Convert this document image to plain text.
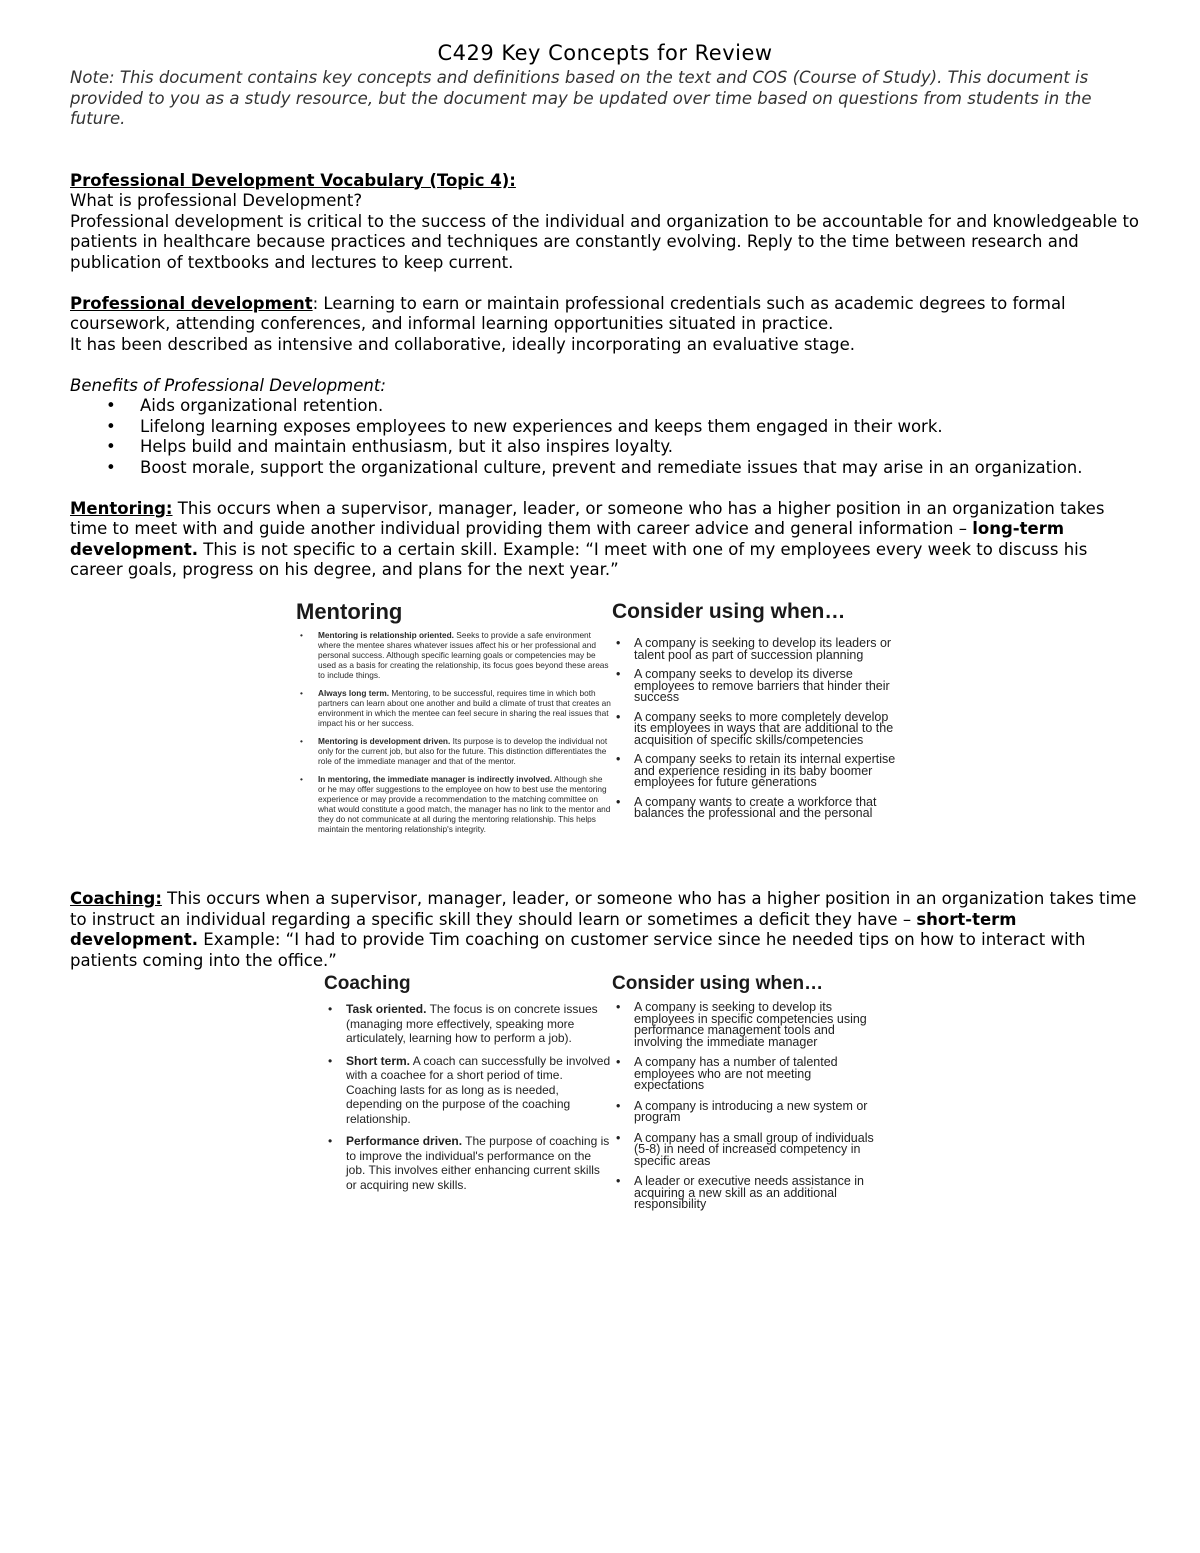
C429 Key Concepts for Review

Note: This document contains key concepts and definitions based on the text and COS (Course of Study). This document is provided to you as a study resource, but the document may be updated over time based on questions from students in the future.

Professional Development Vocabulary (Topic 4):

What is professional Development?

Professional development is critical to the success of the individual and organization to be accountable for and knowledgeable to patients in healthcare because practices and techniques are constantly evolving. Reply to the time between research and publication of textbooks and lectures to keep current.

Professional development: Learning to earn or maintain professional credentials such as academic degrees to formal coursework, attending conferences, and informal learning opportunities situated in practice.

It has been described as intensive and collaborative, ideally incorporating an evaluative stage.

Benefits of Professional Development:

• Aids organizational retention.
• Lifelong learning exposes employees to new experiences and keeps them engaged in their work.
• Helps build and maintain enthusiasm, but it also inspires loyalty.
• Boost morale, support the organizational culture, prevent and remediate issues that may arise in an organization.

Mentoring: This occurs when a supervisor, manager, leader, or someone who has a higher position in an organization takes time to meet with and guide another individual providing them with career advice and general information – long-term development. This is not specific to a certain skill. Example: “I meet with one of my employees every week to discuss his career goals, progress on his degree, and plans for the next year.”

Mentoring
• Mentoring is relationship oriented. Seeks to provide a safe environment where the mentee shares whatever issues affect his or her professional and personal success. Although specific learning goals or competencies may be used as a basis for creating the relationship, its focus goes beyond these areas to include things.
• Always long term. Mentoring, to be successful, requires time in which both partners can learn about one another and build a climate of trust that creates an environment in which the mentee can feel secure in sharing the real issues that impact his or her success.
• Mentoring is development driven. Its purpose is to develop the individual not only for the current job, but also for the future. This distinction differentiates the role of the immediate manager and that of the mentor.
• In mentoring, the immediate manager is indirectly involved. Although she or he may offer suggestions to the employee on how to best use the mentoring experience or may provide a recommendation to the matching committee on what would constitute a good match, the manager has no link to the mentor and they do not communicate at all during the mentoring relationship. This helps maintain the mentoring relationship's integrity.
Consider using when…
• A company is seeking to develop its leaders or talent pool as part of succession planning
• A company seeks to develop its diverse employees to remove barriers that hinder their success
• A company seeks to more completely develop its employees in ways that are additional to the acquisition of specific skills/competencies
• A company seeks to retain its internal expertise and experience residing in its baby boomer employees for future generations
• A company wants to create a workforce that balances the professional and the personal

Coaching: This occurs when a supervisor, manager, leader, or someone who has a higher position in an organization takes time to instruct an individual regarding a specific skill they should learn or sometimes a deficit they have – short-term development. Example: “I had to provide Tim coaching on customer service since he needed tips on how to interact with patients coming into the office.”

Coaching
• Task oriented. The focus is on concrete issues (managing more effectively, speaking more articulately, learning how to perform a job).
• Short term. A coach can successfully be involved with a coachee for a short period of time. Coaching lasts for as long as is needed, depending on the purpose of the coaching relationship.
• Performance driven. The purpose of coaching is to improve the individual's performance on the job. This involves either enhancing current skills or acquiring new skills.
Consider using when…
• A company is seeking to develop its employees in specific competencies using performance management tools and involving the immediate manager
• A company has a number of talented employees who are not meeting expectations
• A company is introducing a new system or program
• A company has a small group of individuals (5-8) in need of increased competency in specific areas
• A leader or executive needs assistance in acquiring a new skill as an additional responsibility
